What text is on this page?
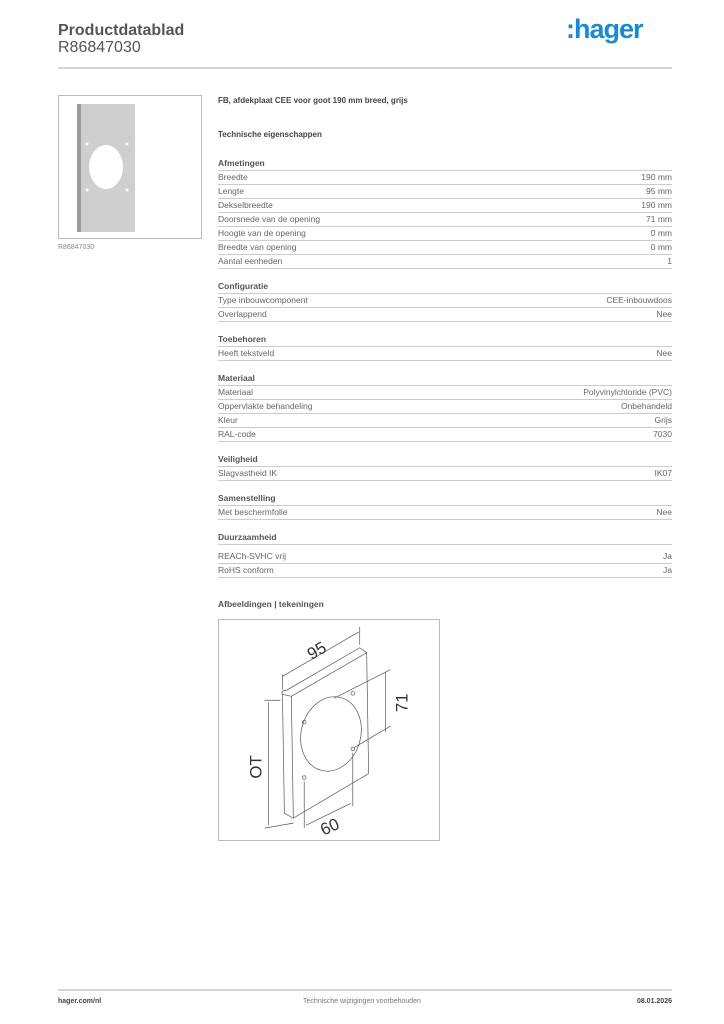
Productdatablad
R86847030
:hager
R86847030
FB, afdekplaat CEE voor goot 190 mm breed, grijs
Technische eigenschappen
Afmetingen
Breedte	190 mm
Lengte	95 mm
Dekselbreedte	190 mm
Doorsnede van de opening	71 mm
Hoogte van de opening	0 mm
Breedte van opening	0 mm
Aantal eenheden	1
Configuratie
Type inbouwcomponent	CEE-inbouwdoos
Overlappend	Nee
Toebehoren
Heeft tekstveld	Nee
Materiaal
Materiaal	Polyvinylchloride (PVC)
Oppervlakte behandeling	Onbehandeld
Kleur	Grijs
RAL-code	7030
Veiligheid
Slagvastheid IK	IK07
Samenstelling
Met beschermfolie	Nee
Duurzaamheid
REACh-SVHC vrij	Ja
RoHS conform	Ja
Afbeeldingen | tekeningen
95
71
OT
60
hager.com/nl	Technische wijzigingen voorbehouden	08.01.2026
